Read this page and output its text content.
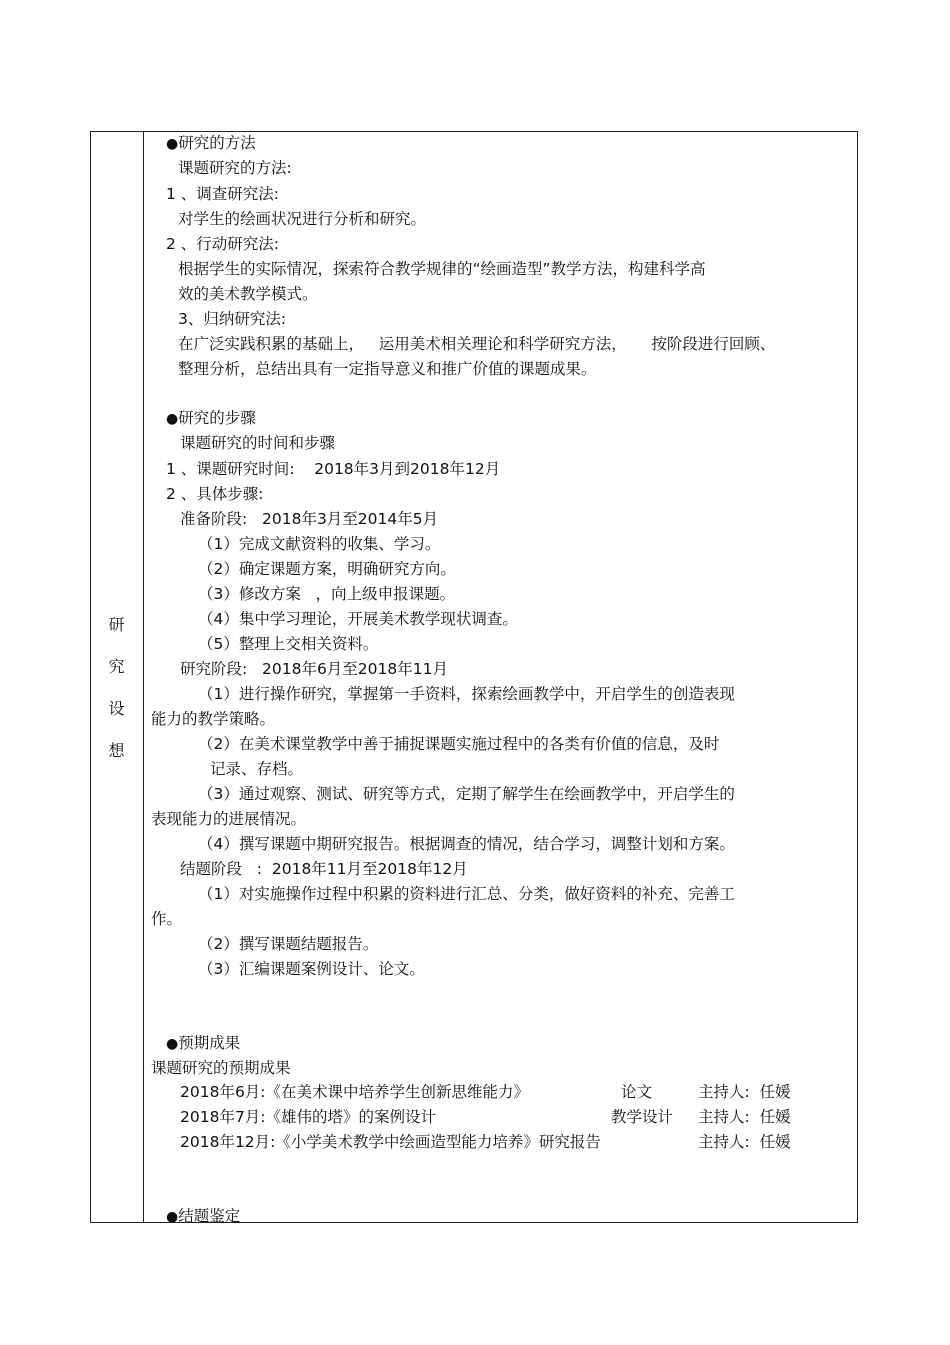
研
究
设
想
● 研究的方法
课题研究的方法:
1 、调查研究法:
对学生的绘画状况进行分析和研究。
2 、行动研究法:
根据学生的实际情况，探索符合教学规律的“绘画造型”教学方法，构建科学高
效的美术教学模式。
3、归纳研究法:
在广泛实践积累的基础上，   运用美术相关理论和科学研究方法，     按阶段进行回顾、
整理分析，总结出具有一定指导意义和推广价值的课题成果。
● 研究的步骤
课题研究的时间和步骤
1 、课题研究时间:    2018年3月到2018年12月
2 、具体步骤:
准备阶段:   2018年3月至2014年5月
（1）完成文献资料的收集、学习。
（2）确定课题方案，明确研究方向。
（3）修改方案   ，向上级申报课题。
（4）集中学习理论，开展美术教学现状调查。
（5）整理上交相关资料。
研究阶段:   2018年6月至2018年11月
（1）进行操作研究，掌握第一手资料，探索绘画教学中，开启学生的创造表现
能力的教学策略。
（2）在美术课堂教学中善于捕捉课题实施过程中的各类有价值的信息，及时
记录、存档。
（3）通过观察、测试、研究等方式，定期了解学生在绘画教学中，开启学生的
表现能力的进展情况。
（4）撰写课题中期研究报告。根据调查的情况，结合学习，调整计划和方案。
结题阶段   :  2018年11月至2018年12月
（1）对实施操作过程中积累的资料进行汇总、分类，做好资料的补充、完善工
作。
（2）撰写课题结题报告。
（3）汇编课题案例设计、论文。
● 预期成果
课题研究的预期成果
2018年6月:《在美术课中培养学生创新思维能力》	论文	主持人:  任媛
2018年7月:《雄伟的塔》的案例设计	教学设计 主持人:  任媛
2018年12月:《小学美术教学中绘画造型能力培养》研究报告	主持人:  任媛
● 结题鉴定
